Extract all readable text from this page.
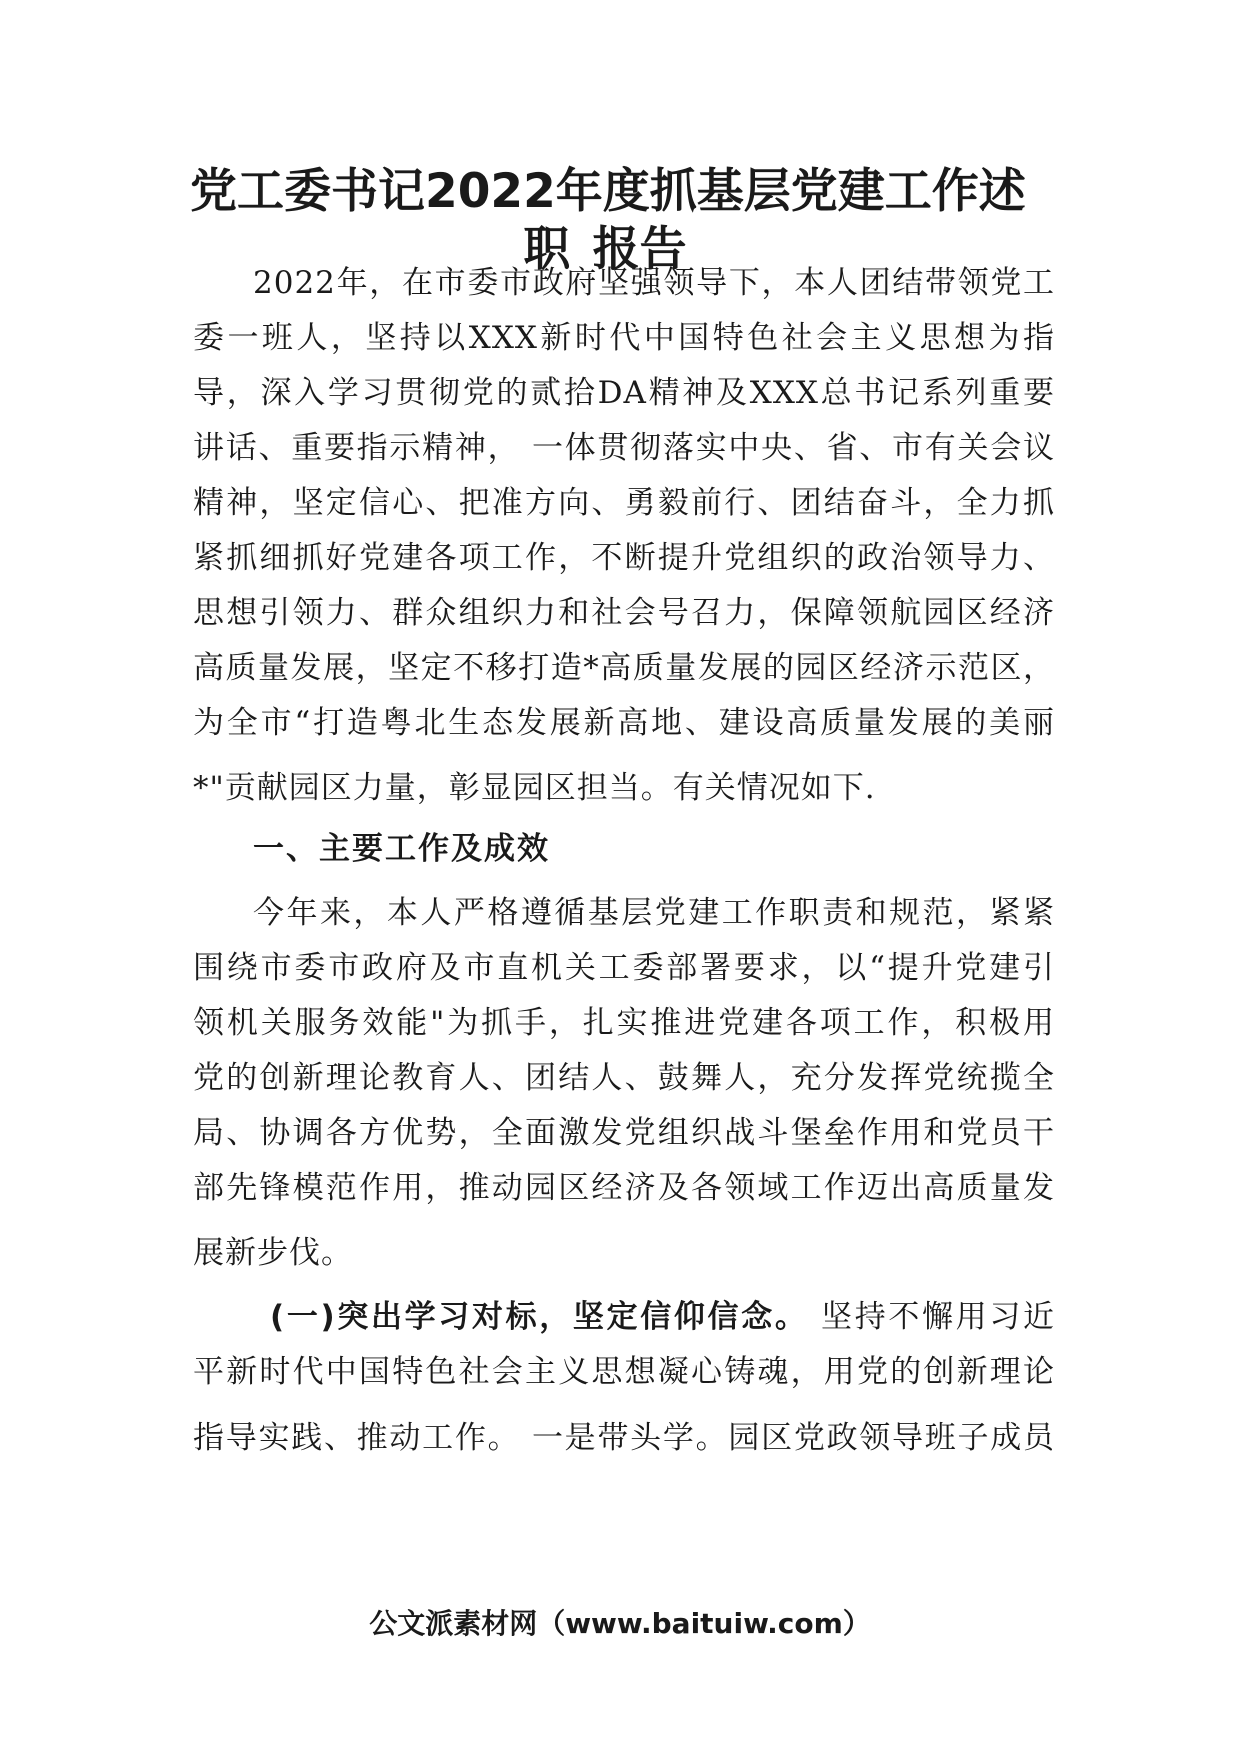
党工委书记2022年度抓基层党建工作述
职 报告

2022年，在市委市政府坚强领导下，本人团结带领党工

委一班人，坚持以XXX新时代中国特色社会主义思想为指

导，深入学习贯彻党的贰拾DA精神及XXX总书记系列重要

讲话、重要指示精神， 一体贯彻落实中央、省、市有关会议

精神，坚定信心、把准方向、勇毅前行、团结奋斗，全力抓

紧抓细抓好党建各项工作，不断提升党组织的政治领导力、

思想引领力、群众组织力和社会号召力，保障领航园区经济

高质量发展，坚定不移打造*高质量发展的园区经济示范区，

为全市“打造粤北生态发展新高地、建设高质量发展的美丽

*"贡献园区力量，彰显园区担当。有关情况如下.

一、主要工作及成效

今年来，本人严格遵循基层党建工作职责和规范，紧紧

围绕市委市政府及市直机关工委部署要求，以“提升党建引

领机关服务效能"为抓手，扎实推进党建各项工作，积极用

党的创新理论教育人、团结人、鼓舞人，充分发挥党统揽全

局、协调各方优势，全面激发党组织战斗堡垒作用和党员干

部先锋模范作用，推动园区经济及各领域工作迈出高质量发

展新步伐。

(一)突出学习对标，坚定信仰信念。 坚持不懈用习近

平新时代中国特色社会主义思想凝心铸魂，用党的创新理论

指导实践、推动工作。 一是带头学。园区党政领导班子成员

公文派素材网（www.baituiw.com）
